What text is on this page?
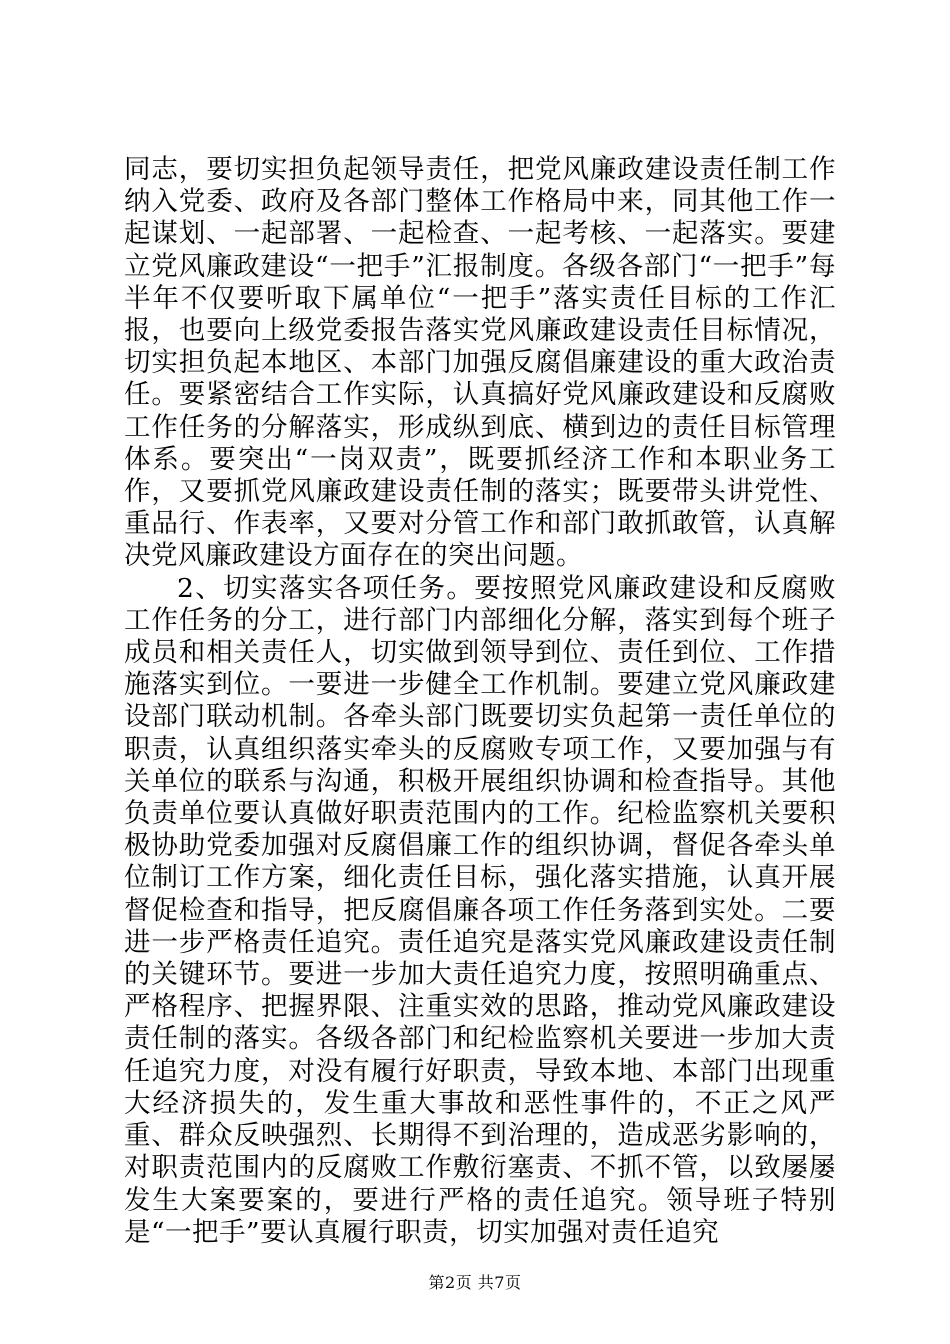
同志，要切实担负起领导责任，把党风廉政建设责任制工作纳入党委、政府及各部门整体工作格局中来，同其他工作一起谋划、一起部署、一起检查、一起考核、一起落实。要建立党风廉政建设“一把手”汇报制度。各级各部门“一把手”每半年不仅要听取下属单位“一把手”落实责任目标的工作汇报，也要向上级党委报告落实党风廉政建设责任目标情况，切实担负起本地区、本部门加强反腐倡廉建设的重大政治责任。要紧密结合工作实际，认真搞好党风廉政建设和反腐败工作任务的分解落实，形成纵到底、横到边的责任目标管理体系。要突出“一岗双责”，既要抓经济工作和本职业务工作，又要抓党风廉政建设责任制的落实；既要带头讲党性、重品行、作表率，又要对分管工作和部门敢抓敢管，认真解决党风廉政建设方面存在的突出问题。

2、切实落实各项任务。要按照党风廉政建设和反腐败工作任务的分工，进行部门内部细化分解，落实到每个班子成员和相关责任人，切实做到领导到位、责任到位、工作措施落实到位。一要进一步健全工作机制。要建立党风廉政建设部门联动机制。各牵头部门既要切实负起第一责任单位的职责，认真组织落实牵头的反腐败专项工作，又要加强与有关单位的联系与沟通，积极开展组织协调和检查指导。其他负责单位要认真做好职责范围内的工作。纪检监察机关要积极协助党委加强对反腐倡廉工作的组织协调，督促各牵头单位制订工作方案，细化责任目标，强化落实措施，认真开展督促检查和指导，把反腐倡廉各项工作任务落到实处。二要进一步严格责任追究。责任追究是落实党风廉政建设责任制的关键环节。要进一步加大责任追究力度，按照明确重点、严格程序、把握界限、注重实效的思路，推动党风廉政建设责任制的落实。各级各部门和纪检监察机关要进一步加大责任追究力度，对没有履行好职责，导致本地、本部门出现重大经济损失的，发生重大事故和恶性事件的，不正之风严重、群众反映强烈、长期得不到治理的，造成恶劣影响的，对职责范围内的反腐败工作敷衍塞责、不抓不管，以致屡屡发生大案要案的，要进行严格的责任追究。领导班子特别是“一把手”要认真履行职责，切实加强对责任追究

第2页 共7页
